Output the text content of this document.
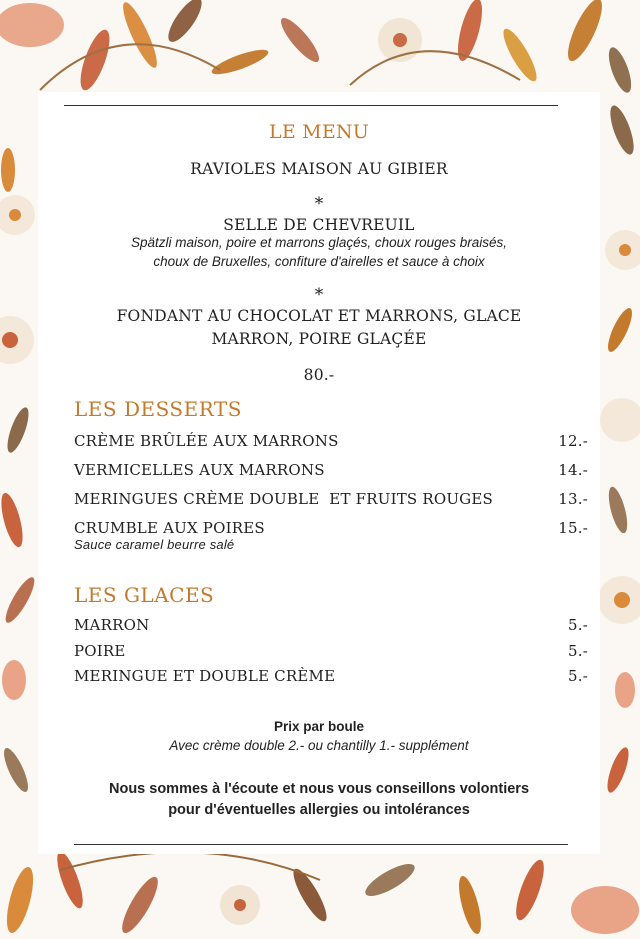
LE MENU
RAVIOLES MAISON AU GIBIER
*
SELLE DE CHEVREUIL
Spätzli maison, poire et marrons glaçés, choux rouges braisés,
choux de Bruxelles, confiture d'airelles et sauce à choix
*
FONDANT AU CHOCOLAT ET MARRONS, GLACE
MARRON, POIRE GLAÇÉE
80.-
LES DESSERTS
CRÈME BRÛLÉE AUX MARRONS	12.-
VERMICELLES AUX MARRONS	14.-
MERINGUES CRÈME DOUBLE  ET FRUITS ROUGES	13.-
CRUMBLE AUX POIRES	15.-
Sauce caramel beurre salé
LES GLACES
MARRON	5.-
POIRE	5.-
MERINGUE ET DOUBLE CRÈME	5.-
Prix par boule
Avec crème double 2.- ou chantilly 1.- supplément
Nous sommes à l'écoute et nous vous conseillons volontiers
pour d'éventuelles allergies ou intolérances
